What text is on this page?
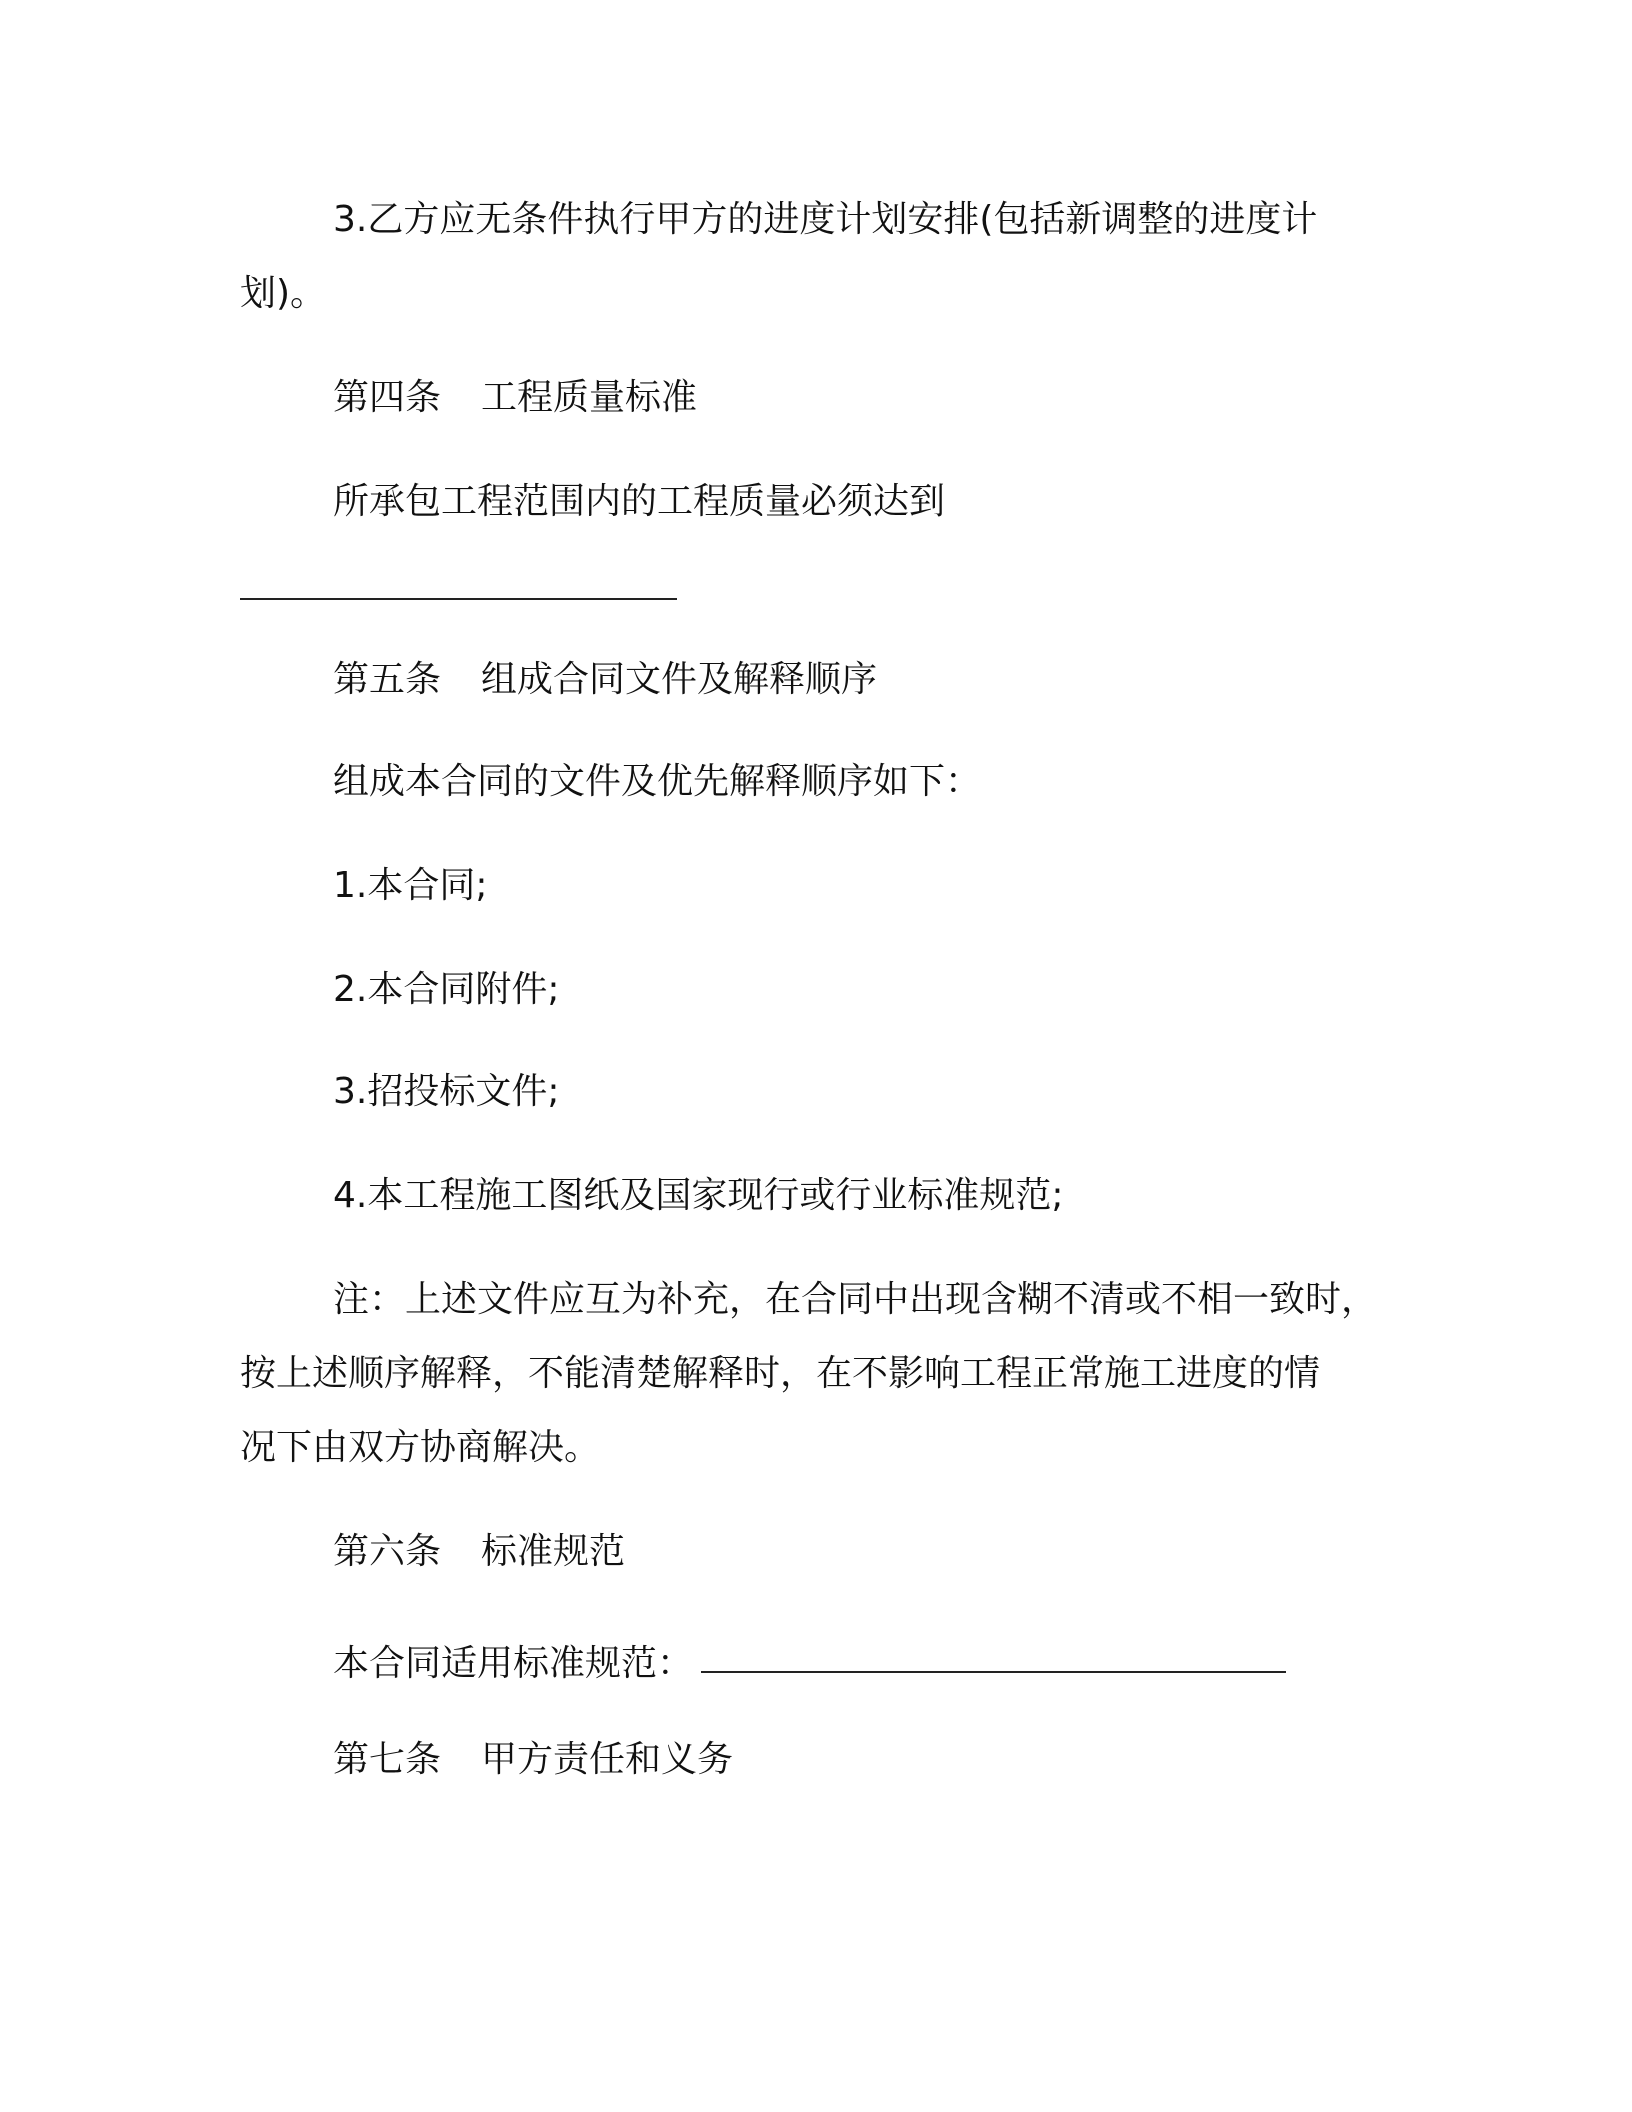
3.乙方应无条件执行甲方的进度计划安排(包括新调整的进度计
划)。
第四条 工程质量标准
所承包工程范围内的工程质量必须达到
第五条 组成合同文件及解释顺序
组成本合同的文件及优先解释顺序如下：
1.本合同;
2.本合同附件;
3.招投标文件;
4.本工程施工图纸及国家现行或行业标准规范;
注：上述文件应互为补充，在合同中出现含糊不清或不相一致时，
按上述顺序解释，不能清楚解释时，在不影响工程正常施工进度的情
况下由双方协商解决。
第六条 标准规范
本合同适用标准规范：
第七条 甲方责任和义务
